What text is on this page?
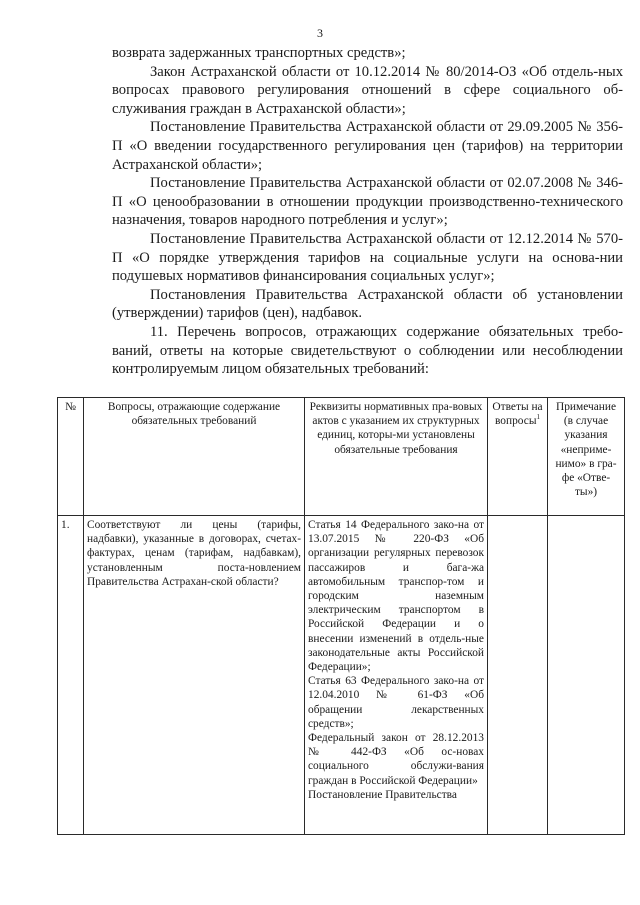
3

возврата задержанных транспортных средств»;

Закон Астраханской области от 10.12.2014 № 80/2014-ОЗ «Об отдель-ных вопросах правового регулирования отношений в сфере социального об-служивания граждан в Астраханской области»;

Постановление Правительства Астраханской области от 29.09.2005 № 356-П «О введении государственного регулирования цен (тарифов) на территории Астраханской области»;

Постановление Правительства Астраханской области от 02.07.2008 № 346-П «О ценообразовании в отношении продукции производственно-технического назначения, товаров народного потребления и услуг»;

Постановление Правительства Астраханской области от 12.12.2014 № 570-П «О порядке утверждения тарифов на социальные услуги на основа-нии подушевых нормативов финансирования социальных услуг»;

Постановления Правительства Астраханской области об установлении (утверждении) тарифов (цен), надбавок.

11. Перечень вопросов, отражающих содержание обязательных требо-ваний, ответы на которые свидетельствуют о соблюдении или несоблюдении контролируемым лицом обязательных требований:

№	Вопросы, отражающие содержание обязательных требований	Реквизиты нормативных пра-вовых актов с указанием их структурных единиц, которы-ми установлены обязательные требования	Ответы на вопросы$^1$	Примечание (в случае указания «неприме-нимо» в гра-фе «Отве-ты»)
1.	Соответствуют ли цены (тарифы, надбавки), указанные в договорах, счетах-фактурах, ценам (тарифам, надбавкам), установленным поста-новлением Правительства Астрахан-ской области?	Статья 14 Федерального зако-на от 13.07.2015 № 220-ФЗ «Об организации регулярных перевозок пассажиров и бага-жа автомобильным транспор-том и городским наземным электрическим транспортом в Российской Федерации и о внесении изменений в отдель-ные законодательные акты Российской Федерации»;
Статья 63 Федерального зако-на от 12.04.2010 № 61-ФЗ «Об обращении лекарственных средств»;
Федеральный закон от 28.12.2013 № 442-ФЗ «Об ос-новах социального обслужи-вания граждан в Российской Федерации»
Постановление Правительства		
